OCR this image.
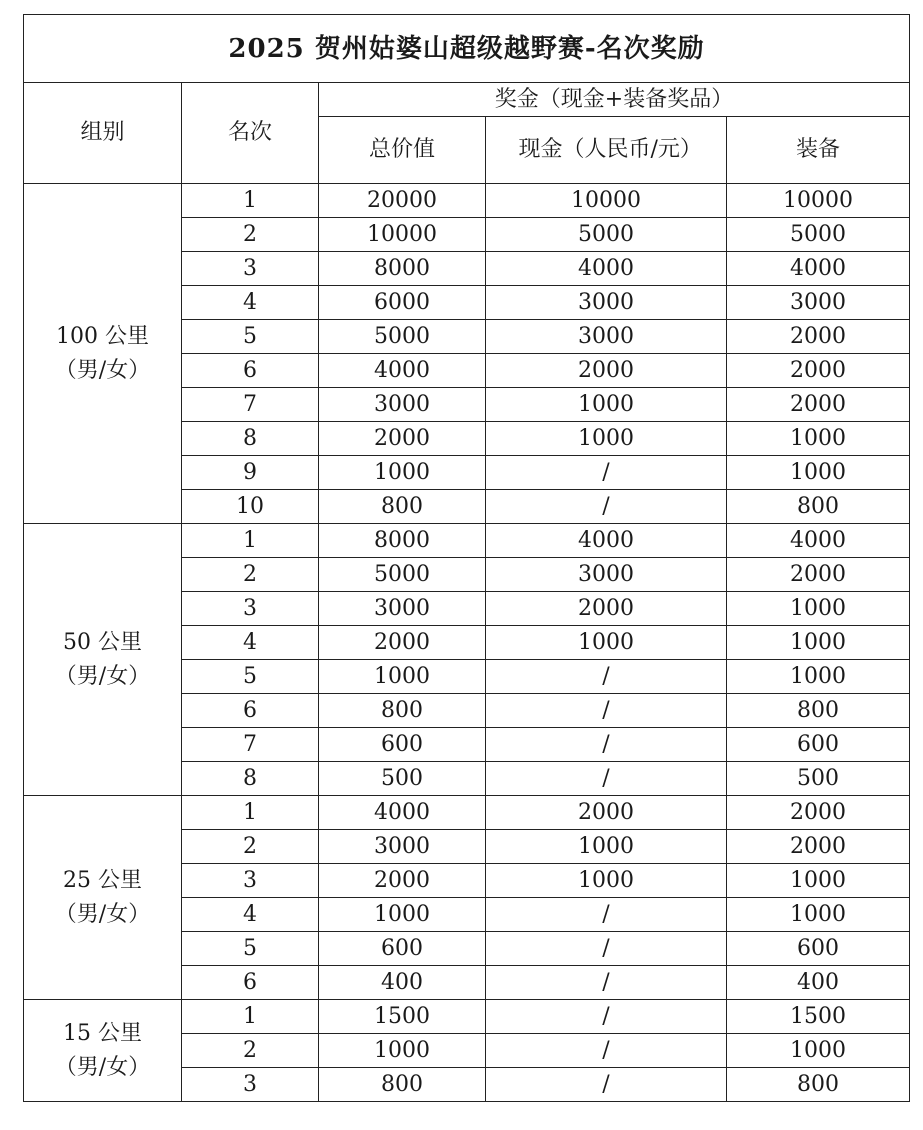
2025 贺州姑婆山超级越野赛-名次奖励				
组别	名次	奖金（现金+装备奖品）		
		总价值	现金（人民币/元）	装备

100 公里
（男/女）	1	20000	10000	10000
	2	10000	5000	5000
	3	8000	4000	4000
	4	6000	3000	3000
	5	5000	3000	2000
	6	4000	2000	2000
	7	3000	1000	2000
	8	2000	1000	1000
	9	1000	/	1000
	10	800	/	800

50 公里
（男/女）	1	8000	4000	4000
	2	5000	3000	2000
	3	3000	2000	1000
	4	2000	1000	1000
	5	1000	/	1000
	6	800	/	800
	7	600	/	600
	8	500	/	500

25 公里
（男/女）	1	4000	2000	2000
	2	3000	1000	2000
	3	2000	1000	1000
	4	1000	/	1000
	5	600	/	600
	6	400	/	400

15 公里
（男/女）	1	1500	/	1500
	2	1000	/	1000
	3	800	/	800
